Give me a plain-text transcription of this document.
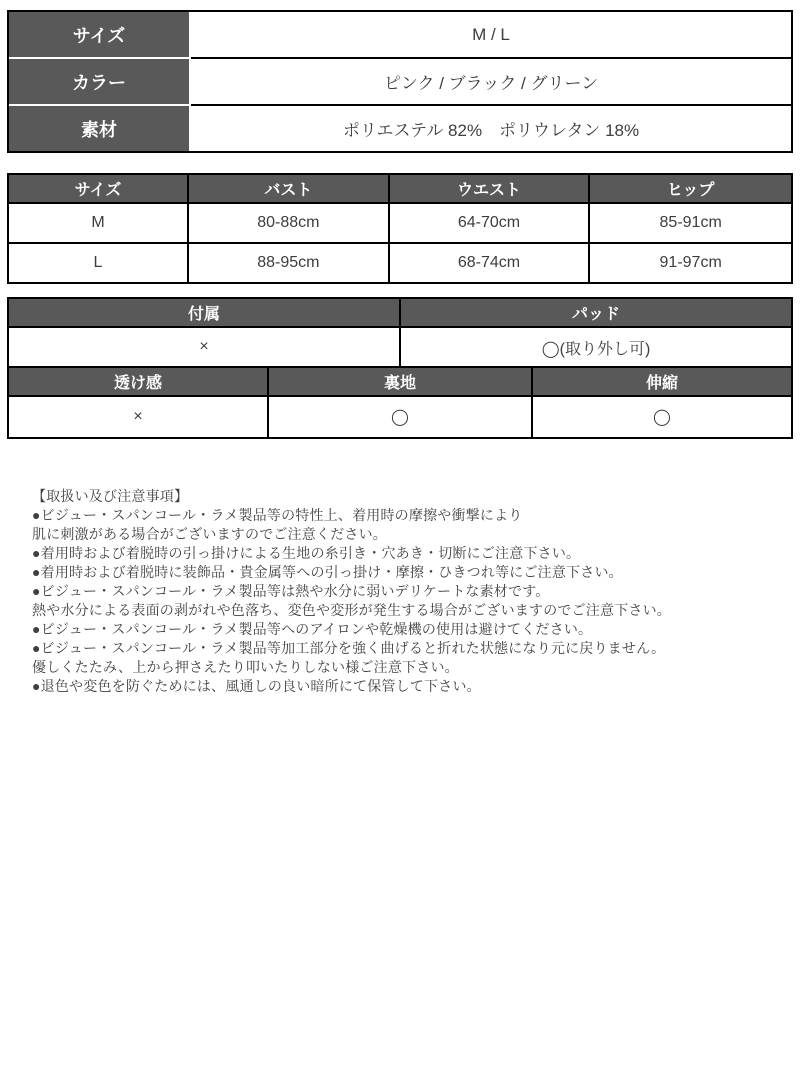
サイズ	M / L
カラー	ピンク / ブラック / グリーン
素材	ポリエステル 82%　ポリウレタン 18%
サイズ	バスト	ウエスト	ヒップ
M	80-88cm	64-70cm	85-91cm
L	88-95cm	68-74cm	91-97cm
付属	パッド
×	◯(取り外し可)
透け感	裏地	伸縮
×	◯	◯
【取扱い及び注意事項】
●ビジュー・スパンコール・ラメ製品等の特性上、着用時の摩擦や衝撃により
肌に刺激がある場合がございますのでご注意ください。
●着用時および着脱時の引っ掛けによる生地の糸引き・穴あき・切断にご注意下さい。
●着用時および着脱時に装飾品・貴金属等への引っ掛け・摩擦・ひきつれ等にご注意下さい。
●ビジュー・スパンコール・ラメ製品等は熱や水分に弱いデリケートな素材です。
熱や水分による表面の剥がれや色落ち、変色や変形が発生する場合がございますのでご注意下さい。
●ビジュー・スパンコール・ラメ製品等へのアイロンや乾燥機の使用は避けてください。
●ビジュー・スパンコール・ラメ製品等加工部分を強く曲げると折れた状態になり元に戻りません。
優しくたたみ、上から押さえたり叩いたりしない様ご注意下さい。
●退色や変色を防ぐためには、風通しの良い暗所にて保管して下さい。
